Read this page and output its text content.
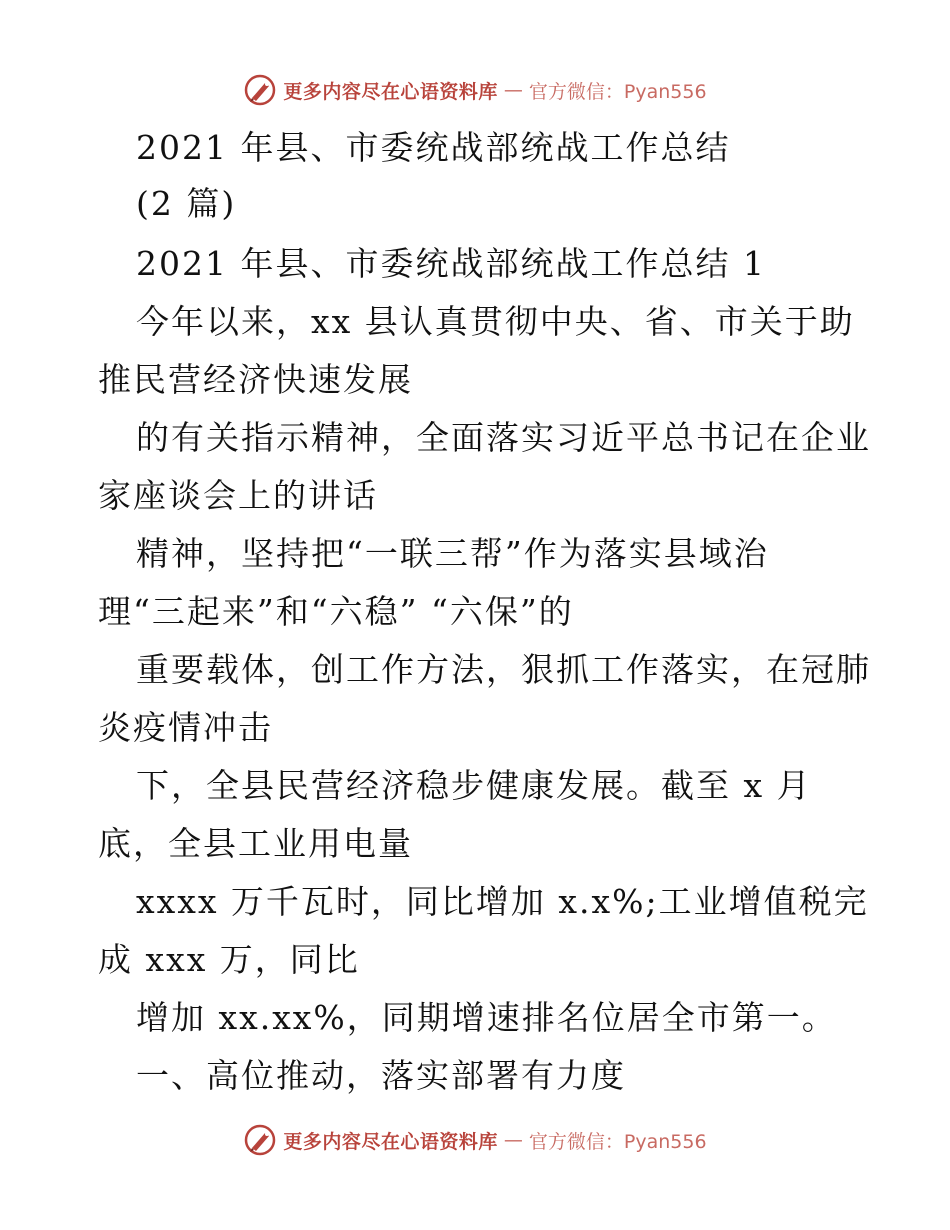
更多内容尽在心语资料库 — 官方微信：Pyan556
2021 年县、市委统战部统战工作总结
(2 篇)
2021 年县、市委统战部统战工作总结 1
今年以来，xx 县认真贯彻中央、省、市关于助
推民营经济快速发展
的有关指示精神，全面落实习近平总书记在企业
家座谈会上的讲话
精神，坚持把“一联三帮”作为落实县域治
理“三起来”和“六稳” “六保”的
重要载体，创工作方法，狠抓工作落实，在冠肺
炎疫情冲击
下，全县民营经济稳步健康发展。截至 x 月
底，全县工业用电量
xxxx 万千瓦时，同比增加 x.x%;工业增值税完
成 xxx 万，同比
增加 xx.xx%，同期增速排名位居全市第一。
一、高位推动，落实部署有力度
更多内容尽在心语资料库 — 官方微信：Pyan556
